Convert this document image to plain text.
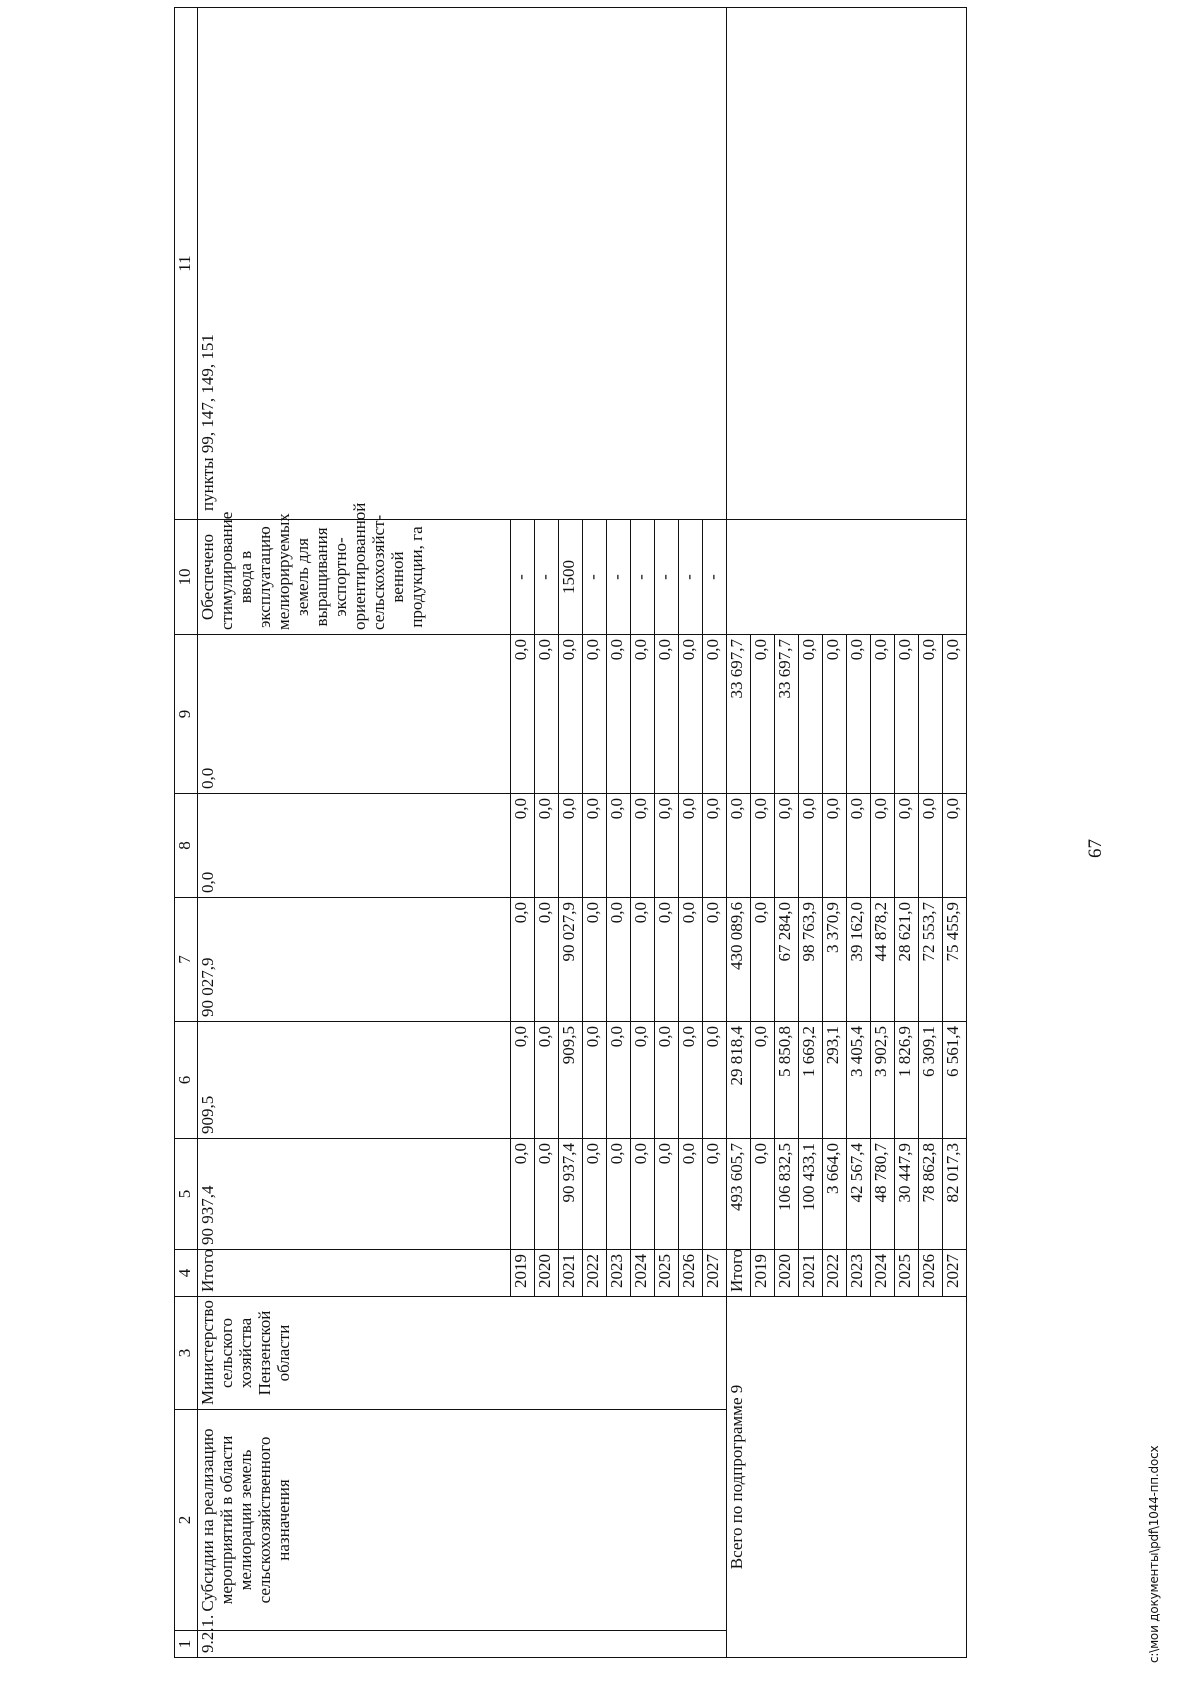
67
1	2	3	4	5	6	7	8	9	10	11
9.2.1.	Субсидии на реализацию мероприятий в области мелиорации земель сельскохозяйственного назначения	Министерство сельского хозяйства Пензенской области	Итого	90 937,4	909,5	90 027,9	0,0	0,0	Обеспечено стимулирование ввода в эксплуатацию мелиорируемых земель для выращивания экспортно-ориентированной сельскохозяйст-венной продукции, га	пункты 99, 147, 149, 151
			2019	0,0	0,0	0,0	0,0	0,0	-	
			2020	0,0	0,0	0,0	0,0	0,0	-	
			2021	90 937,4	909,5	90 027,9	0,0	0,0	1500	
			2022	0,0	0,0	0,0	0,0	0,0	-	
			2023	0,0	0,0	0,0	0,0	0,0	-	
			2024	0,0	0,0	0,0	0,0	0,0	-	
			2025	0,0	0,0	0,0	0,0	0,0	-	
			2026	0,0	0,0	0,0	0,0	0,0	-	
			2027	0,0	0,0	0,0	0,0	0,0	-	
Всего по подпрограмме 9			Итого	493 605,7	29 818,4	430 089,6	0,0	33 697,7		
			2019	0,0	0,0	0,0	0,0	0,0		
			2020	106 832,5	5 850,8	67 284,0	0,0	33 697,7		
			2021	100 433,1	1 669,2	98 763,9	0,0	0,0		
			2022	3 664,0	293,1	3 370,9	0,0	0,0		
			2023	42 567,4	3 405,4	39 162,0	0,0	0,0		
			2024	48 780,7	3 902,5	44 878,2	0,0	0,0		
			2025	30 447,9	1 826,9	28 621,0	0,0	0,0		
			2026	78 862,8	6 309,1	72 553,7	0,0	0,0		
			2027	82 017,3	6 561,4	75 455,9	0,0	0,0		
c:\мои документы\pdf\1044-пп.docx
